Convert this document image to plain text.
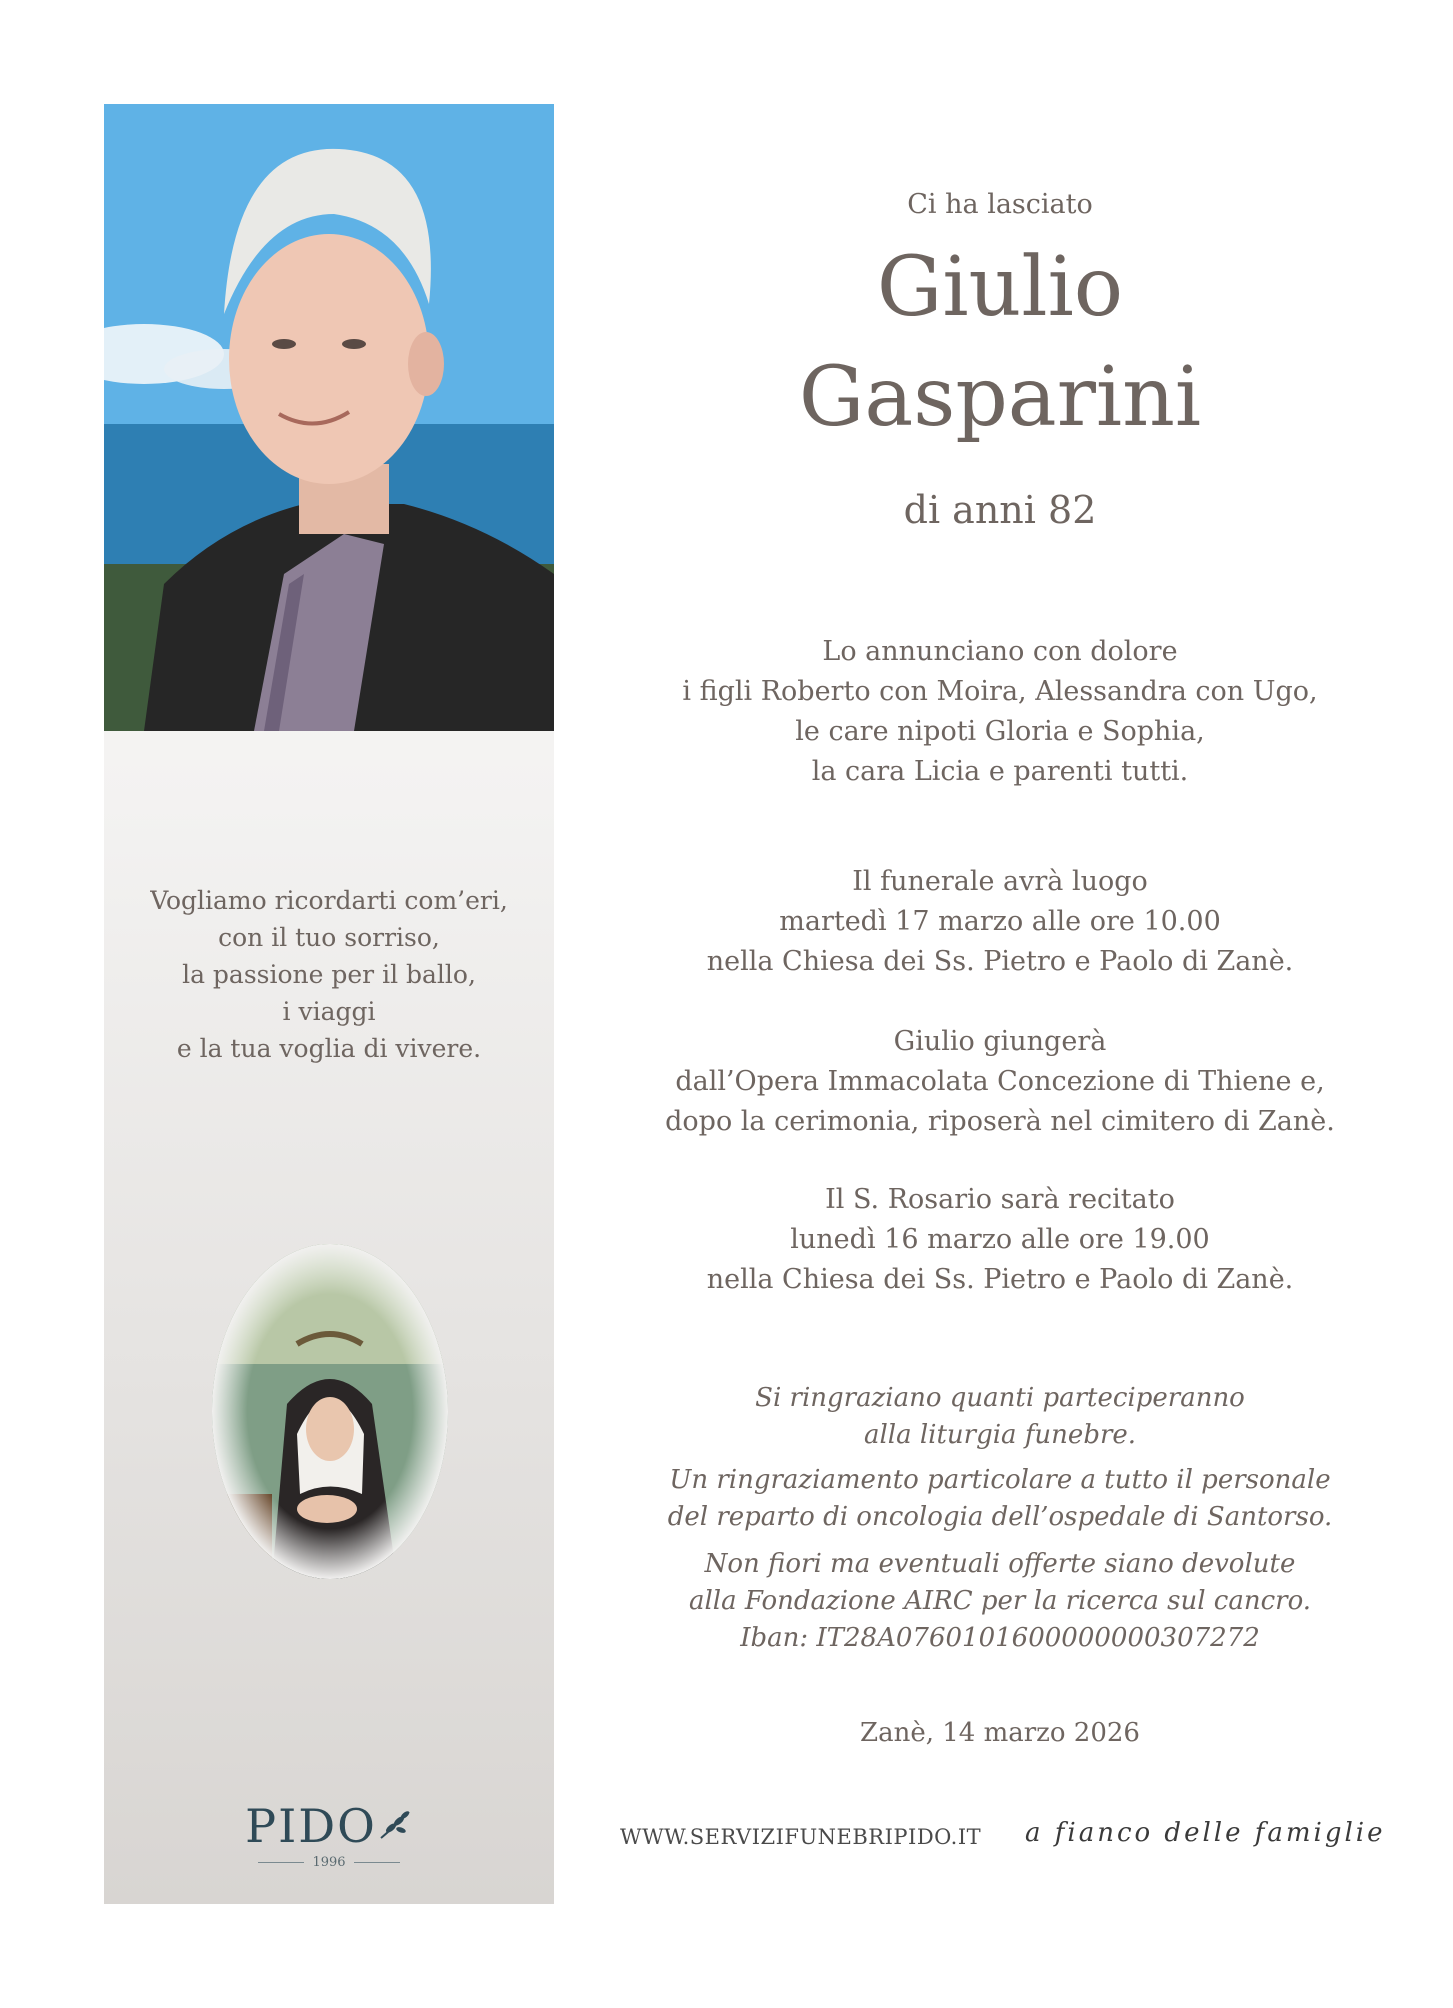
Vogliamo ricordarti com’eri,
con il tuo sorriso,
la passione per il ballo,
i viaggi
e la tua voglia di vivere.
PIDO
1996
Ci ha lasciato
Giulio
Gasparini
di anni 82
Lo annunciano con dolore
i figli Roberto con Moira, Alessandra con Ugo,
le care nipoti Gloria e Sophia,
la cara Licia e parenti tutti.
Il funerale avrà luogo
martedì 17 marzo alle ore 10.00
nella Chiesa dei Ss. Pietro e Paolo di Zanè.
Giulio giungerà
dall’Opera Immacolata Concezione di Thiene e,
dopo la cerimonia, riposerà nel cimitero di Zanè.
Il S. Rosario sarà recitato
lunedì 16 marzo alle ore 19.00
nella Chiesa dei Ss. Pietro e Paolo di Zanè.
Si ringraziano quanti parteciperanno
alla liturgia funebre.
Un ringraziamento particolare a tutto il personale
del reparto di oncologia dell’ospedale di Santorso.
Non fiori ma eventuali offerte siano devolute
alla Fondazione AIRC per la ricerca sul cancro.
Iban: IT28A0760101600000000307272
Zanè, 14 marzo 2026
WWW.SERVIZIFUNEBRIPIDO.IT a fianco delle famiglie
